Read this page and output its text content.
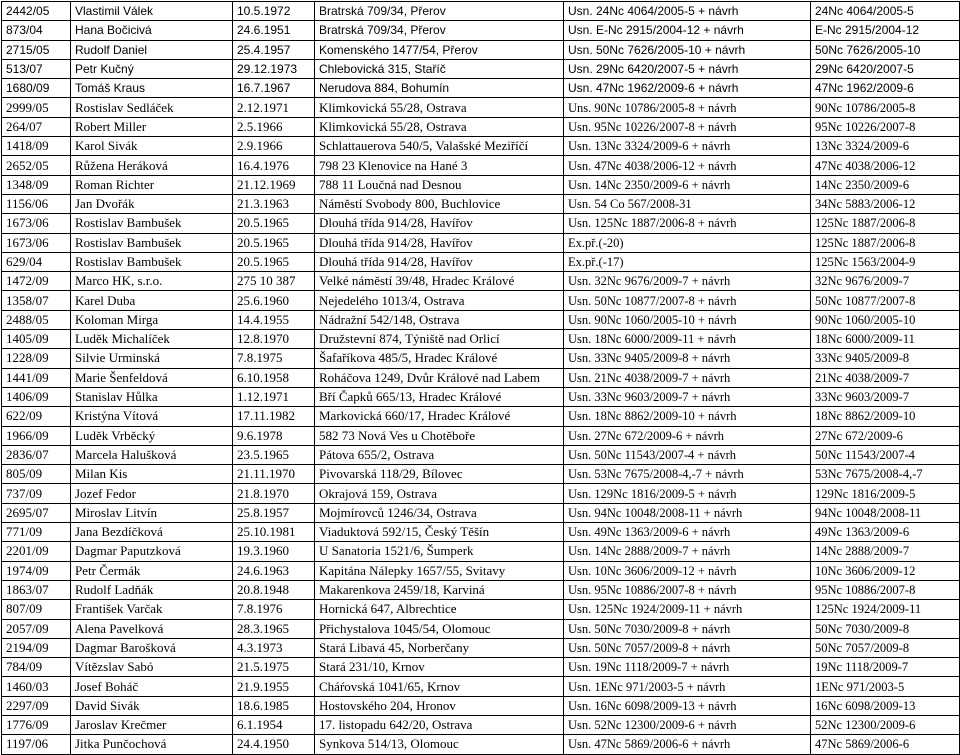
2442/05	Vlastimil Válek	10.5.1972	Bratrská 709/34, Přerov	Usn. 24Nc 4064/2005-5 + návrh	24Nc 4064/2005-5
873/04	Hana Bočicivá	24.6.1951	Bratrská 709/34, Přerov	Usn. E-Nc 2915/2004-12 + návrh	E-Nc 2915/2004-12
2715/05	Rudolf Daniel	25.4.1957	Komenského 1477/54, Přerov	Usn. 50Nc 7626/2005-10 + návrh	50Nc 7626/2005-10
513/07	Petr Kučný	29.12.1973	Chlebovická 315, Staříč	Usn. 29Nc 6420/2007-5 + návrh	29Nc 6420/2007-5
1680/09	Tomáš Kraus	16.7.1967	Nerudova 884, Bohumín	Usn. 47Nc 1962/2009-6 + návrh	47Nc 1962/2009-6
2999/05	Rostislav Sedláček	2.12.1971	Klimkovická 55/28, Ostrava	Uns. 90Nc 10786/2005-8 + návrh	90Nc 10786/2005-8
264/07	Robert Miller	2.5.1966	Klimkovická 55/28, Ostrava	Usn. 95Nc 10226/2007-8 + návrh	95Nc 10226/2007-8
1418/09	Karol Sivák	2.9.1966	Schlattauerova 540/5, Valašské Meziříčí	Usn. 13Nc 3324/2009-6 + návrh	13Nc 3324/2009-6
2652/05	Růžena Heráková	16.4.1976	798 23 Klenovice na Hané 3	Usn. 47Nc 4038/2006-12 + návrh	47Nc 4038/2006-12
1348/09	Roman Richter	21.12.1969	788 11 Loučná nad Desnou	Usn. 14Nc 2350/2009-6 + návrh	14Nc 2350/2009-6
1156/06	Jan Dvořák	21.3.1963	Náměstí Svobody 800, Buchlovice	Usn. 54 Co 567/2008-31	34Nc 5883/2006-12
1673/06	Rostislav Bambušek	20.5.1965	Dlouhá třída 914/28, Havířov	Usn. 125Nc 1887/2006-8 + návrh	125Nc 1887/2006-8
1673/06	Rostislav Bambušek	20.5.1965	Dlouhá třída 914/28, Havířov	Ex.př.(-20)	125Nc 1887/2006-8
629/04	Rostislav Bambušek	20.5.1965	Dlouhá třída 914/28, Havířov	Ex.př.(-17)	125Nc 1563/2004-9
1472/09	Marco HK, s.r.o.	275 10 387	Velké náměstí 39/48, Hradec Králové	Usn. 32Nc 9676/2009-7 + návrh	32Nc 9676/2009-7
1358/07	Karel Duba	25.6.1960	Nejedelého 1013/4, Ostrava	Usn. 50Nc 10877/2007-8 + návrh	50Nc 10877/2007-8
2488/05	Koloman Mirga	14.4.1955	Nádražní 542/148, Ostrava	Usn. 90Nc 1060/2005-10 + návrh	90Nc 1060/2005-10
1405/09	Luděk Michalíček	12.8.1970	Družstevní 874, Týniště nad Orlicí	Usn. 18Nc 6000/2009-11 + návrh	18Nc 6000/2009-11
1228/09	Silvie Urminská	7.8.1975	Šafaříkova 485/5, Hradec Králové	Usn. 33Nc 9405/2009-8 + návrh	33Nc 9405/2009-8
1441/09	Marie Šenfeldová	6.10.1958	Roháčova 1249, Dvůr Králové nad Labem	Usn. 21Nc 4038/2009-7 + návrh	21Nc 4038/2009-7
1406/09	Stanislav Hůlka	1.12.1971	Bří Čapků 665/13, Hradec Králové	Usn. 33Nc 9603/2009-7 + návrh	33Nc 9603/2009-7
622/09	Kristýna Vítová	17.11.1982	Markovická 660/17, Hradec Králové	Usn. 18Nc 8862/2009-10 + návrh	18Nc 8862/2009-10
1966/09	Luděk Vrběcký	9.6.1978	582 73 Nová Ves u Chotěboře	Usn. 27Nc 672/2009-6 + návrh	27Nc 672/2009-6
2836/07	Marcela Halušková	23.5.1965	Pátova 655/2, Ostrava	Usn. 50Nc 11543/2007-4 + návrh	50Nc 11543/2007-4
805/09	Milan Kis	21.11.1970	Pivovarská 118/29, Bílovec	Usn. 53Nc 7675/2008-4,-7 + návrh	53Nc 7675/2008-4,-7
737/09	Jozef Fedor	21.8.1970	Okrajová 159, Ostrava	Usn. 129Nc 1816/2009-5 + návrh	129Nc 1816/2009-5
2695/07	Miroslav Litvín	25.8.1957	Mojmírovců 1246/34, Ostrava	Usn. 94Nc 10048/2008-11 + návrh	94Nc 10048/2008-11
771/09	Jana Bezdíčková	25.10.1981	Viaduktová 592/15, Český Těšín	Usn. 49Nc 1363/2009-6 + návrh	49Nc 1363/2009-6
2201/09	Dagmar Paputzková	19.3.1960	U Sanatoria 1521/6, Šumperk	Usn. 14Nc 2888/2009-7 + návrh	14Nc 2888/2009-7
1974/09	Petr Čermák	24.6.1963	Kapitána Nálepky 1657/55, Svitavy	Usn. 10Nc 3606/2009-12 + návrh	10Nc 3606/2009-12
1863/07	Rudolf Ladňák	20.8.1948	Makarenkova 2459/18, Karviná	Usn. 95Nc 10886/2007-8 + návrh	95Nc 10886/2007-8
807/09	František Varčak	7.8.1976	Hornická 647, Albrechtice	Usn. 125Nc 1924/2009-11 + návrh	125Nc 1924/2009-11
2057/09	Alena Pavelková	28.3.1965	Přichystalova 1045/54, Olomouc	Usn. 50Nc 7030/2009-8 + návrh	50Nc 7030/2009-8
2194/09	Dagmar Barošková	4.3.1973	Stará Libavá 45, Norberčany	Usn. 50Nc 7057/2009-8 + návrh	50Nc 7057/2009-8
784/09	Vítězslav Sabó	21.5.1975	Stará 231/10, Krnov	Usn. 19Nc 1118/2009-7 + návrh	19Nc 1118/2009-7
1460/03	Josef Boháč	21.9.1955	Cháŕovská 1041/65, Krnov	Usn. 1ENc 971/2003-5 + návrh	1ENc 971/2003-5
2297/09	David Sivák	18.6.1985	Hostovského 204, Hronov	Usn. 16Nc 6098/2009-13 + návrh	16Nc 6098/2009-13
1776/09	Jaroslav Krečmer	6.1.1954	17. listopadu 642/20, Ostrava	Usn. 52Nc 12300/2009-6 + návrh	52Nc 12300/2009-6
1197/06	Jitka Punčochová	24.4.1950	Synkova 514/13, Olomouc	Usn. 47Nc 5869/2006-6 + návrh	47Nc 5869/2006-6
